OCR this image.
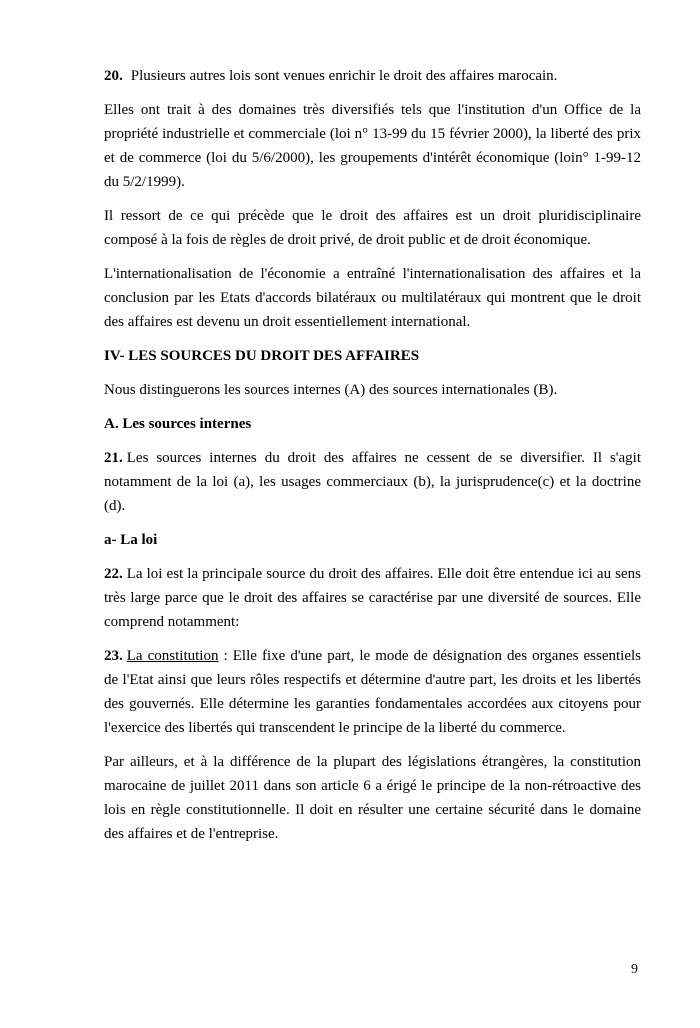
20. Plusieurs autres lois sont venues enrichir le droit des affaires marocain.

Elles ont trait à des domaines très diversifiés tels que l'institution d'un Office de la propriété industrielle et commerciale (loi n° 13-99 du 15 février 2000), la liberté des prix et de commerce (loi du 5/6/2000), les groupements d'intérêt économique (loin° 1-99-12 du 5/2/1999).

Il ressort de ce qui précède que le droit des affaires est un droit pluridisciplinaire composé à la fois de règles de droit privé, de droit public et de droit économique.

L'internationalisation de l'économie a entraîné l'internationalisation des affaires et la conclusion par les Etats d'accords bilatéraux ou multilatéraux qui montrent que le droit des affaires est devenu un droit essentiellement international.

IV- LES SOURCES DU DROIT DES AFFAIRES

Nous distinguerons les sources internes (A) des sources internationales (B).

A. Les sources internes

21. Les sources internes du droit des affaires ne cessent de se diversifier. Il s'agit notamment de la loi (a), les usages commerciaux (b), la jurisprudence(c) et la doctrine (d).

a- La loi

22. La loi est la principale source du droit des affaires. Elle doit être entendue ici au sens très large parce que le droit des affaires se caractérise par une diversité de sources. Elle comprend notamment:

23. La constitution : Elle fixe d'une part, le mode de désignation des organes essentiels de l'Etat ainsi que leurs rôles respectifs et détermine d'autre part, les droits et les libertés des gouvernés. Elle détermine les garanties fondamentales accordées aux citoyens pour l'exercice des libertés qui transcendent le principe de la liberté du commerce.

Par ailleurs, et à la différence de la plupart des législations étrangères, la constitution marocaine de juillet 2011 dans son article 6 a érigé le principe de la non-rétroactive des lois en règle constitutionnelle. Il doit en résulter une certaine sécurité dans le domaine des affaires et de l'entreprise.

9
